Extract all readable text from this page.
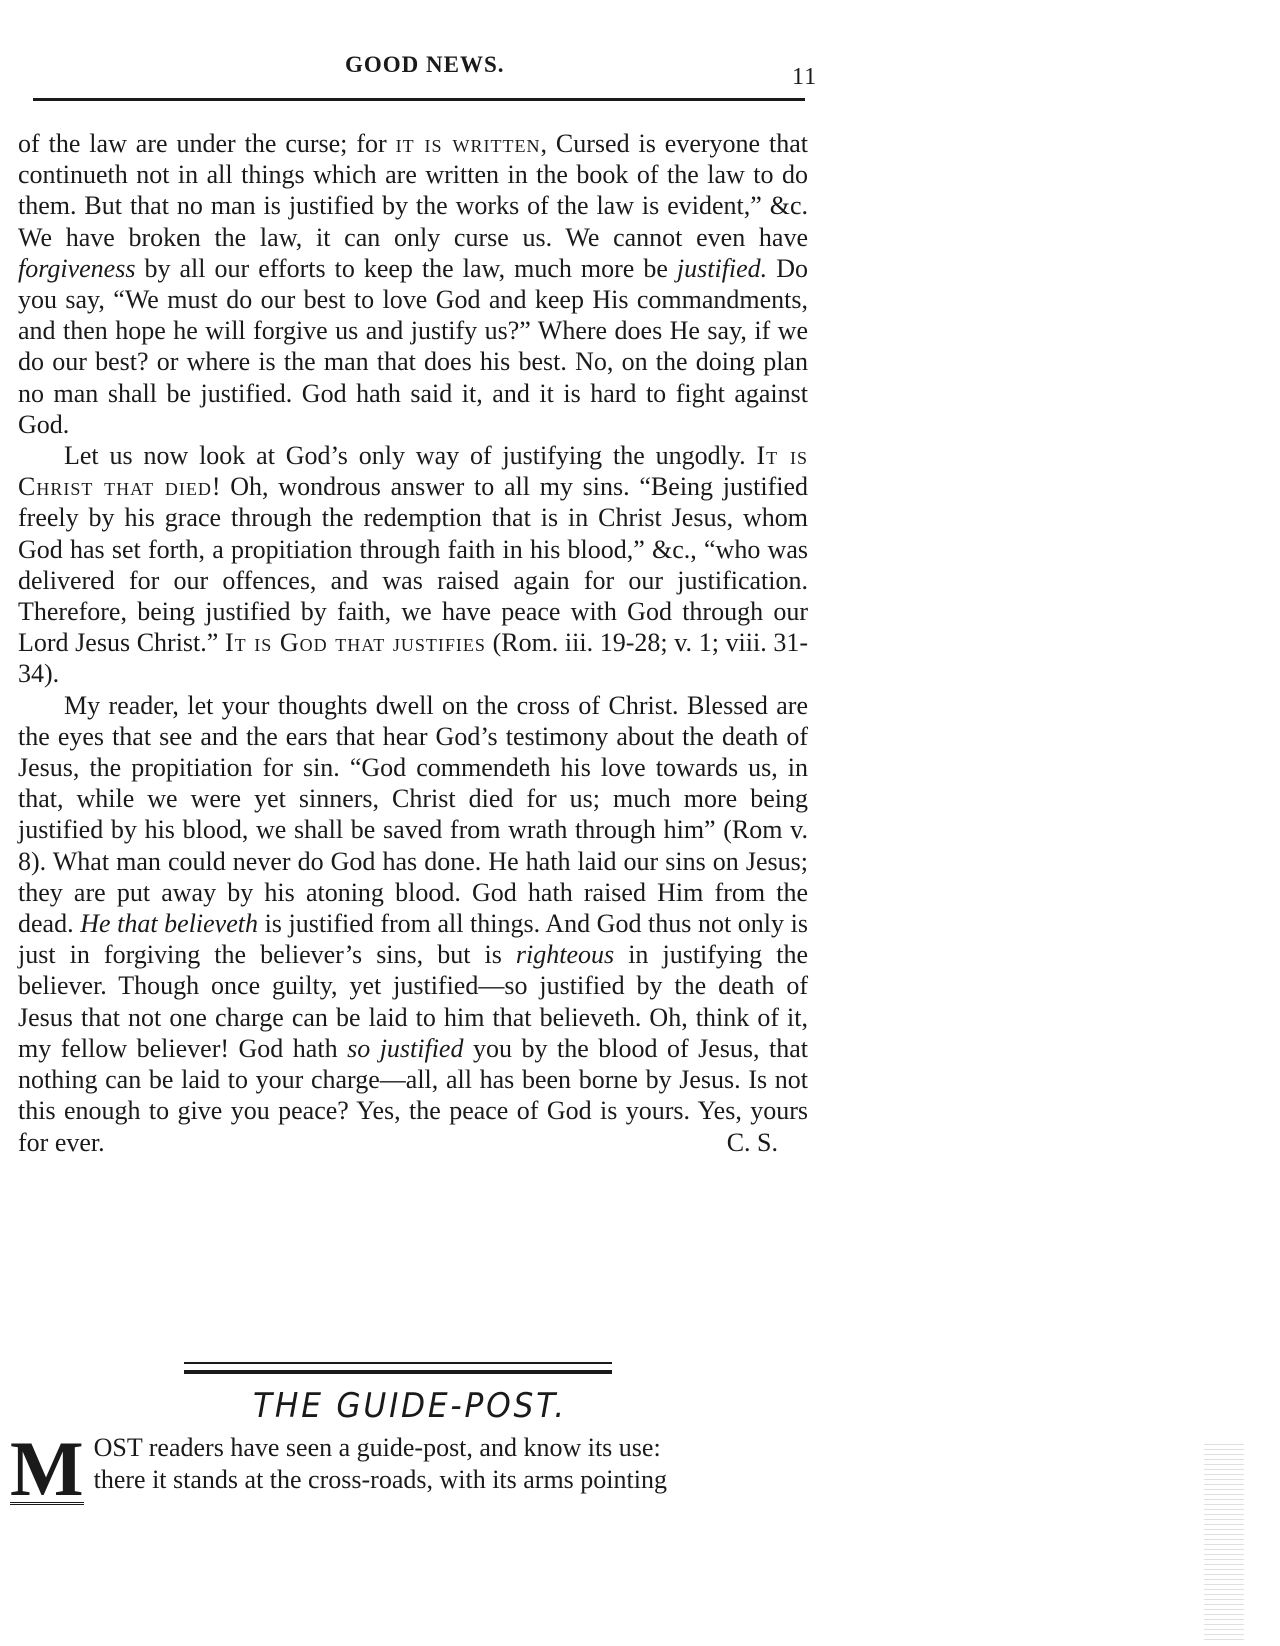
GOOD NEWS.	11

of the law are under the curse; for it is written, Cursed is everyone that continueth not in all things which are written in the book of the law to do them. But that no man is justified by the works of the law is evident,” &c. We have broken the law, it can only curse us. We cannot even have forgiveness by all our efforts to keep the law, much more be justified. Do you say, “We must do our best to love God and keep His commandments, and then hope he will forgive us and justify us?” Where does He say, if we do our best? or where is the man that does his best. No, on the doing plan no man shall be justified. God hath said it, and it is hard to fight against God.

Let us now look at God’s only way of justifying the ungodly. It is Christ that died! Oh, wondrous answer to all my sins. “Being justified freely by his grace through the redemption that is in Christ Jesus, whom God has set forth, a propitiation through faith in his blood,” &c., “who was delivered for our offences, and was raised again for our justification. Therefore, being justified by faith, we have peace with God through our Lord Jesus Christ.” It is God that justifies (Rom. iii. 19-28; v. 1; viii. 31-34).

My reader, let your thoughts dwell on the cross of Christ. Blessed are the eyes that see and the ears that hear God’s testimony about the death of Jesus, the propitiation for sin. “God commendeth his love towards us, in that, while we were yet sinners, Christ died for us; much more being justified by his blood, we shall be saved from wrath through him” (Rom v. 8). What man could never do God has done. He hath laid our sins on Jesus; they are put away by his atoning blood. God hath raised Him from the dead. He that believeth is justified from all things. And God thus not only is just in forgiving the believer’s sins, but is righteous in justifying the believer. Though once guilty, yet justified—so justified by the death of Jesus that not one charge can be laid to him that believeth. Oh, think of it, my fellow believer! God hath so justified you by the blood of Jesus, that nothing can be laid to your charge—all, all has been borne by Jesus. Is not this enough to give you peace? Yes, the peace of God is yours. Yes, yours for ever.	C. S.

THE GUIDE-POST.
M OST readers have seen a guide-post, and know its use:
there it stands at the cross-roads, with its arms pointing
